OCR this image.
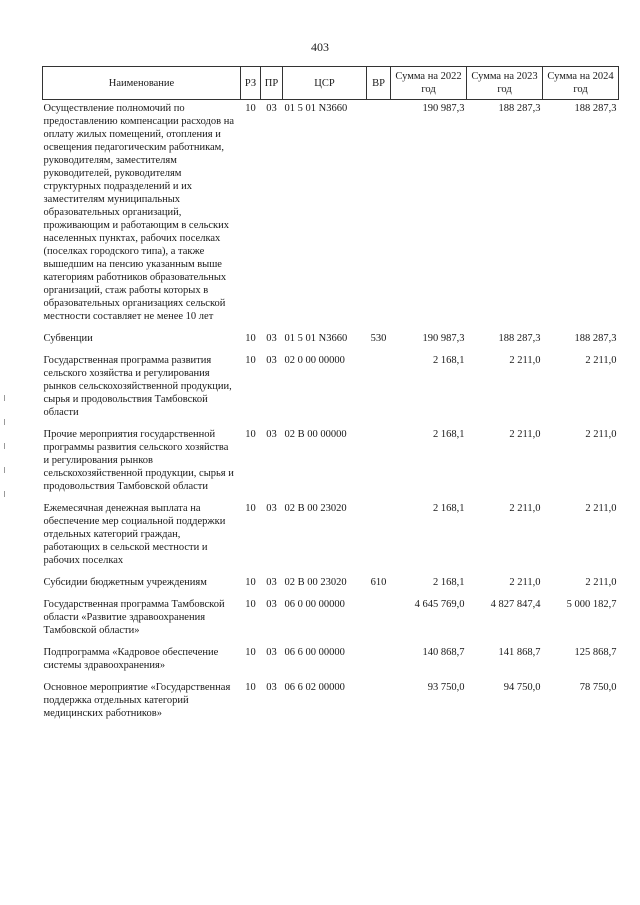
403
Наименование	РЗ	ПР	ЦСР	ВР	Сумма на 2022 год	Сумма на 2023 год	Сумма на 2024 год
Осуществление полномочий по предоставлению компенсации расходов на оплату жилых помещений, отопления и освещения педагогическим работникам, руководителям, заместителям руководителей, руководителям структурных подразделений и их заместителям муниципальных образовательных организаций, проживающим и работающим в сельских населенных пунктах, рабочих поселках (поселках городского типа), а также вышедшим на пенсию указанным выше категориям работников образовательных организаций, стаж работы которых в образовательных организациях сельской местности составляет не менее 10 лет	10	03	01 5 01 N3660		190 987,3	188 287,3	188 287,3
Субвенции	10	03	01 5 01 N3660	530	190 987,3	188 287,3	188 287,3
Государственная программа развития сельского хозяйства и регулирования рынков сельскохозяйственной продукции, сырья и продовольствия Тамбовской области	10	03	02 0 00 00000		2 168,1	2 211,0	2 211,0
Прочие мероприятия государственной программы развития сельского хозяйства и регулирования рынков сельскохозяйственной продукции, сырья и продовольствия Тамбовской области	10	03	02 В 00 00000		2 168,1	2 211,0	2 211,0
Ежемесячная денежная выплата на обеспечение мер социальной поддержки отдельных категорий граждан, работающих в сельской местности и рабочих поселках	10	03	02 В 00 23020		2 168,1	2 211,0	2 211,0
Субсидии бюджетным учреждениям	10	03	02 В 00 23020	610	2 168,1	2 211,0	2 211,0
Государственная программа Тамбовской области «Развитие здравоохранения Тамбовской области»	10	03	06 0 00 00000		4 645 769,0	4 827 847,4	5 000 182,7
Подпрограмма «Кадровое обеспечение системы здравоохранения»	10	03	06 6 00 00000		140 868,7	141 868,7	125 868,7
Основное мероприятие «Государственная поддержка отдельных категорий медицинских работников»	10	03	06 6 02 00000		93 750,0	94 750,0	78 750,0
